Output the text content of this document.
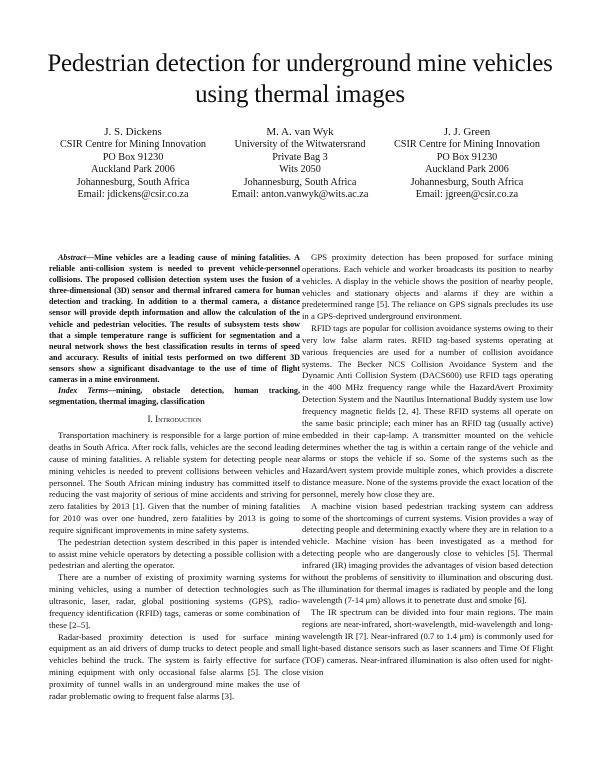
Pedestrian detection for underground mine vehicles using thermal images
J. S. Dickens
CSIR Centre for Mining Innovation
PO Box 91230
Auckland Park 2006
Johannesburg, South Africa
Email: jdickens@csir.co.za
M. A. van Wyk
University of the Witwatersrand
Private Bag 3
Wits 2050
Johannesburg, South Africa
Email: anton.vanwyk@wits.ac.za
J. J. Green
CSIR Centre for Mining Innovation
PO Box 91230
Auckland Park 2006
Johannesburg, South Africa
Email: jgreen@csir.co.za

Abstract—Mine vehicles are a leading cause of mining fatalities. A reliable anti-collision system is needed to prevent vehicle-personnel collisions. The proposed collision detection system uses the fusion of a three-dimensional (3D) sensor and thermal infrared camera for human detection and tracking. In addition to a thermal camera, a distance sensor will provide depth information and allow the calculation of the vehicle and pedestrian velocities. The results of subsystem tests show that a simple temperature range is sufficient for segmentation and a neural network shows the best classification results in terms of speed and accuracy. Results of initial tests performed on two different 3D sensors show a significant disadvantage to the use of time of flight cameras in a mine environment.

Index Terms—mining, obstacle detection, human tracking, segmentation, thermal imaging, classification

I. Introduction

Transportation machinery is responsible for a large portion of mine deaths in South Africa. After rock falls, vehicles are the second leading cause of mining fatalities. A reliable system for detecting people near mining vehicles is needed to prevent collisions between vehicles and personnel. The South African mining industry has committed itself to reducing the vast majority of serious of mine accidents and striving for zero fatalities by 2013 [1]. Given that the number of mining fatalities for 2010 was over one hundred, zero fatalities by 2013 is going to require significant improvements in mine safety systems.

The pedestrian detection system described in this paper is intended to assist mine vehicle operators by detecting a possible collision with a pedestrian and alerting the operator.

There are a number of existing of proximity warning systems for mining vehicles, using a number of detection technologies such as ultrasonic, laser, radar, global positioning systems (GPS), radio-frequency identification (RFID) tags, cameras or some combination of these [2–5].

Radar-based proximity detection is used for surface mining equipment as an aid drivers of dump trucks to detect people and small vehicles behind the truck. The system is fairly effective for surface mining equipment with only occasional false alarms [5]. The close proximity of tunnel walls in an underground mine makes the use of radar problematic owing to frequent false alarms [3].

GPS proximity detection has been proposed for surface mining operations. Each vehicle and worker broadcasts its position to nearby vehicles. A display in the vehicle shows the position of nearby people, vehicles and stationary objects and alarms if they are within a predetermined range [5]. The reliance on GPS signals precludes its use in a GPS-deprived underground environment.

RFID tags are popular for collision avoidance systems owing to their very low false alarm rates. RFID tag-based systems operating at various frequencies are used for a number of collision avoidance systems. The Becker NCS Collision Avoidance System and the Dynamic Anti Collision System (DACS600) use RFID tags operating in the 400 MHz frequency range while the HazardAvert Proximity Detection System and the Nautilus International Buddy system use low frequency magnetic fields [2, 4]. These RFID systems all operate on the same basic principle; each miner has an RFID tag (usually active) embedded in their cap-lamp. A transmitter mounted on the vehicle determines whether the tag is within a certain range of the vehicle and alarms or stops the vehicle if so. Some of the systems such as the HazardAvert system provide multiple zones, which provides a discrete distance measure. None of the systems provide the exact location of the personnel, merely how close they are.

A machine vision based pedestrian tracking system can address some of the shortcomings of current systems. Vision provides a way of detecting people and determining exactly where they are in relation to a vehicle. Machine vision has been investigated as a method for detecting people who are dangerously close to vehicles [5]. Thermal infrared (IR) imaging provides the advantages of vision based detection without the problems of sensitivity to illumination and obscuring dust. The illumination for thermal images is radiated by people and the long wavelength (7-14 μm) allows it to penetrate dust and smoke [6].

The IR spectrum can be divided into four main regions. The main regions are near-infrared, short-wavelength, mid-wavelength and long-wavelength IR [7]. Near-infrared (0.7 to 1.4 μm) is commonly used for light-based distance sensors such as laser scanners and Time Of Flight (TOF) cameras. Near-infrared illumination is also often used for night-vision
